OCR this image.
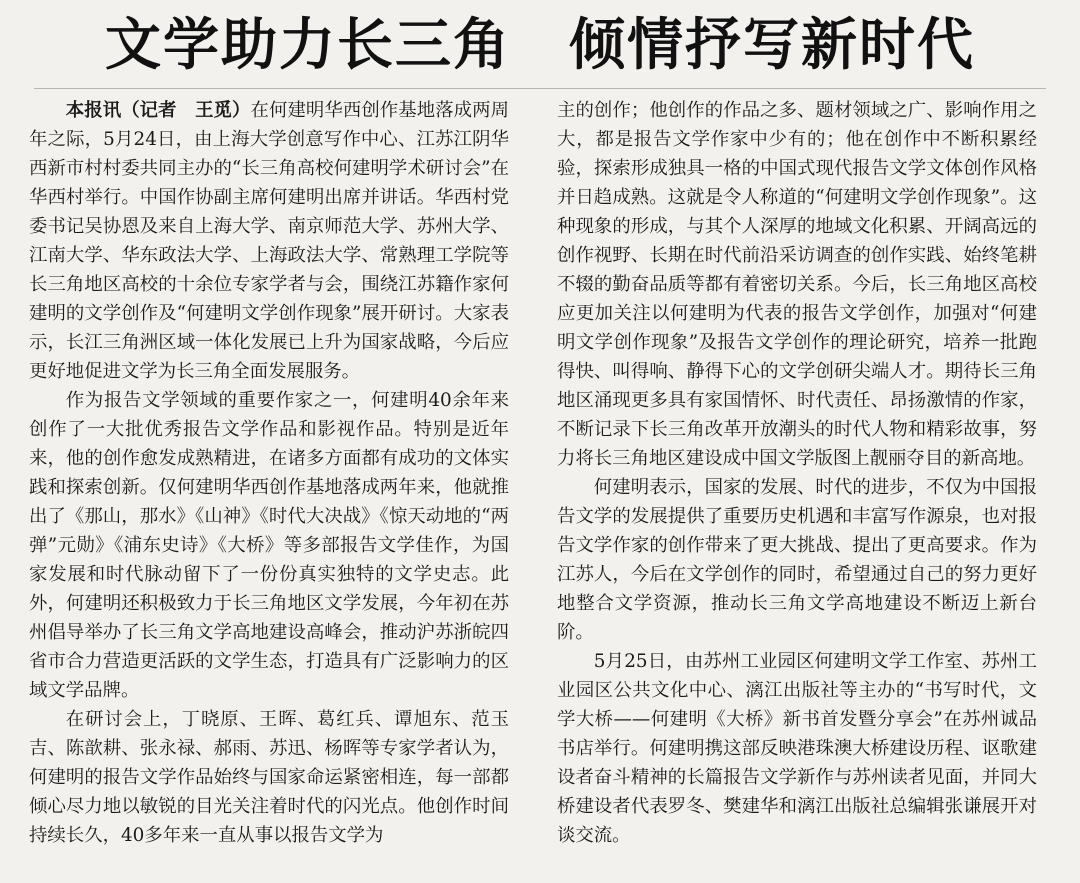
文学助力长三角　倾情抒写新时代

本报讯（记者　王觅）在何建明华西创作基地落成两周年之际，5月24日，由上海大学创意写作中心、江苏江阴华西新市村村委共同主办的“长三角高校何建明学术研讨会”在华西村举行。中国作协副主席何建明出席并讲话。华西村党委书记吴协恩及来自上海大学、南京师范大学、苏州大学、江南大学、华东政法大学、上海政法大学、常熟理工学院等长三角地区高校的十余位专家学者与会，围绕江苏籍作家何建明的文学创作及“何建明文学创作现象”展开研讨。大家表示，长江三角洲区域一体化发展已上升为国家战略，今后应更好地促进文学为长三角全面发展服务。

作为报告文学领域的重要作家之一，何建明40余年来创作了一大批优秀报告文学作品和影视作品。特别是近年来，他的创作愈发成熟精进，在诸多方面都有成功的文体实践和探索创新。仅何建明华西创作基地落成两年来，他就推出了《那山，那水》《山神》《时代大决战》《惊天动地的“两弹”元勋》《浦东史诗》《大桥》等多部报告文学佳作，为国家发展和时代脉动留下了一份份真实独特的文学史志。此外，何建明还积极致力于长三角地区文学发展，今年初在苏州倡导举办了长三角文学高地建设高峰会，推动沪苏浙皖四省市合力营造更活跃的文学生态，打造具有广泛影响力的区域文学品牌。

在研讨会上，丁晓原、王晖、葛红兵、谭旭东、范玉吉、陈歆耕、张永禄、郝雨、苏迅、杨晖等专家学者认为，何建明的报告文学作品始终与国家命运紧密相连，每一部都倾心尽力地以敏锐的目光关注着时代的闪光点。他创作时间持续长久，40多年来一直从事以报告文学为

主的创作；他创作的作品之多、题材领域之广、影响作用之大，都是报告文学作家中少有的；他在创作中不断积累经验，探索形成独具一格的中国式现代报告文学文体创作风格并日趋成熟。这就是令人称道的“何建明文学创作现象”。这种现象的形成，与其个人深厚的地域文化积累、开阔高远的创作视野、长期在时代前沿采访调查的创作实践、始终笔耕不辍的勤奋品质等都有着密切关系。今后，长三角地区高校应更加关注以何建明为代表的报告文学创作，加强对“何建明文学创作现象”及报告文学创作的理论研究，培养一批跑得快、叫得响、静得下心的文学创研尖端人才。期待长三角地区涌现更多具有家国情怀、时代责任、昂扬激情的作家，不断记录下长三角改革开放潮头的时代人物和精彩故事，努力将长三角地区建设成中国文学版图上靓丽夺目的新高地。

何建明表示，国家的发展、时代的进步，不仅为中国报告文学的发展提供了重要历史机遇和丰富写作源泉，也对报告文学作家的创作带来了更大挑战、提出了更高要求。作为江苏人，今后在文学创作的同时，希望通过自己的努力更好地整合文学资源，推动长三角文学高地建设不断迈上新台阶。

5月25日，由苏州工业园区何建明文学工作室、苏州工业园区公共文化中心、漓江出版社等主办的“书写时代，文学大桥——何建明《大桥》新书首发暨分享会”在苏州诚品书店举行。何建明携这部反映港珠澳大桥建设历程、讴歌建设者奋斗精神的长篇报告文学新作与苏州读者见面，并同大桥建设者代表罗冬、樊建华和漓江出版社总编辑张谦展开对谈交流。
